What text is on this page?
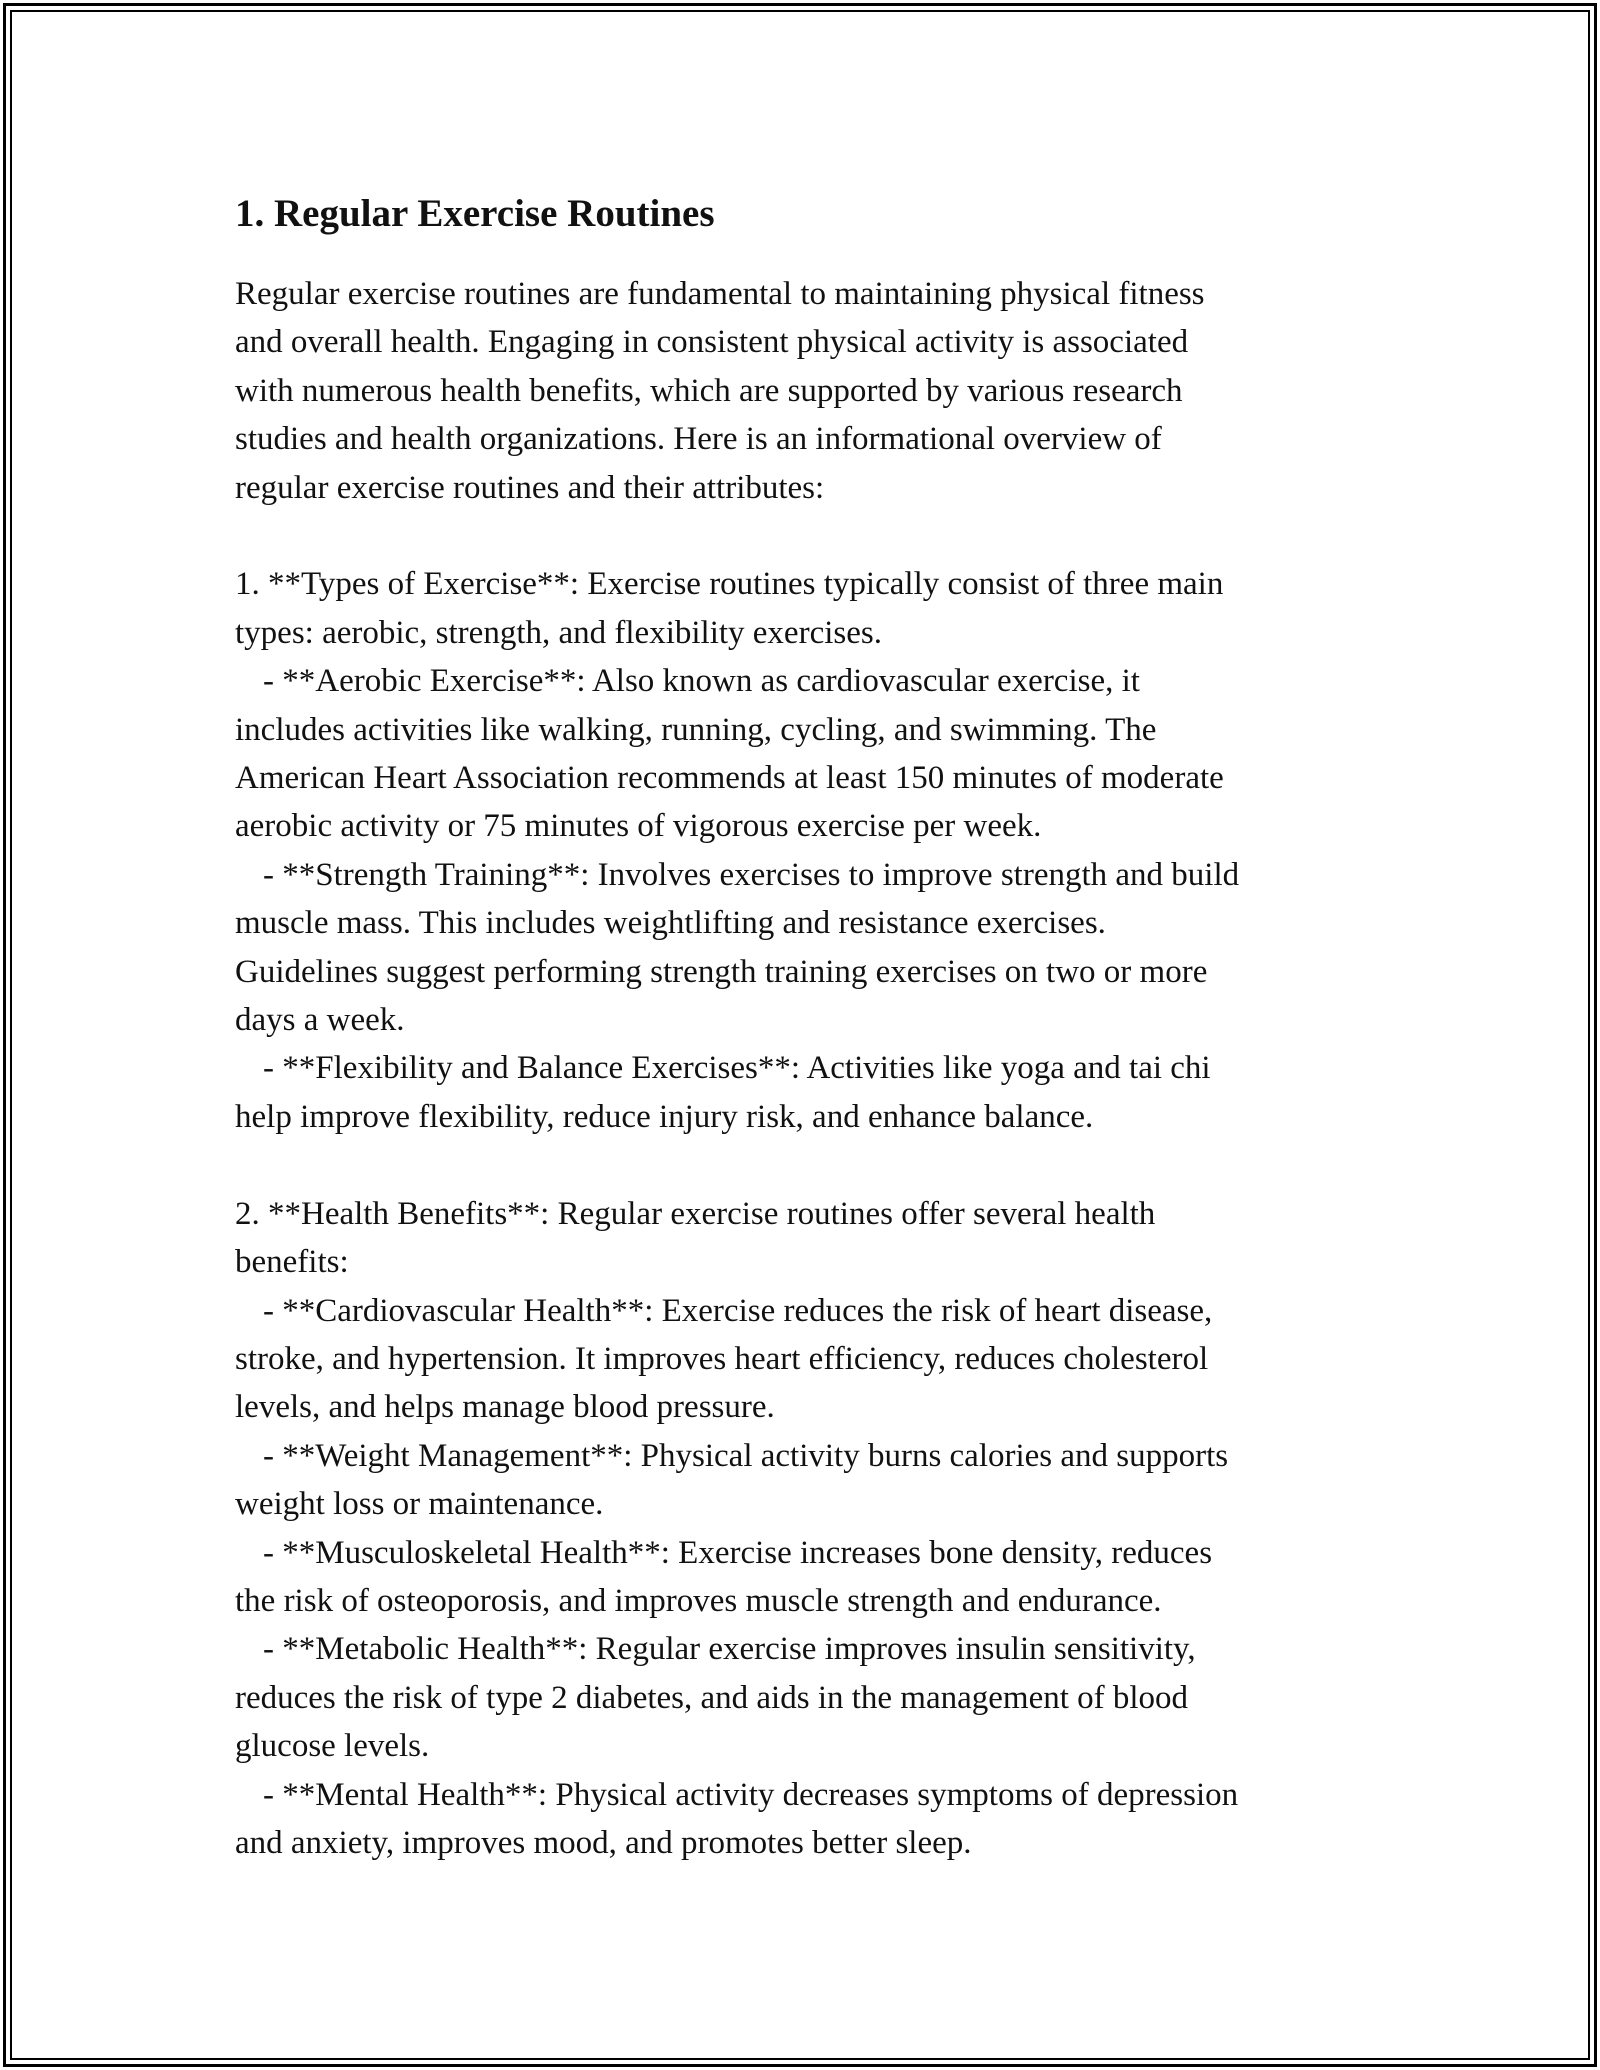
1. Regular Exercise Routines
Regular exercise routines are fundamental to maintaining physical fitness
and overall health. Engaging in consistent physical activity is associated
with numerous health benefits, which are supported by various research
studies and health organizations. Here is an informational overview of
regular exercise routines and their attributes:
1. **Types of Exercise**: Exercise routines typically consist of three main
types: aerobic, strength, and flexibility exercises.
- **Aerobic Exercise**: Also known as cardiovascular exercise, it
includes activities like walking, running, cycling, and swimming. The
American Heart Association recommends at least 150 minutes of moderate
aerobic activity or 75 minutes of vigorous exercise per week.
- **Strength Training**: Involves exercises to improve strength and build
muscle mass. This includes weightlifting and resistance exercises.
Guidelines suggest performing strength training exercises on two or more
days a week.
- **Flexibility and Balance Exercises**: Activities like yoga and tai chi
help improve flexibility, reduce injury risk, and enhance balance.
2. **Health Benefits**: Regular exercise routines offer several health
benefits:
- **Cardiovascular Health**: Exercise reduces the risk of heart disease,
stroke, and hypertension. It improves heart efficiency, reduces cholesterol
levels, and helps manage blood pressure.
- **Weight Management**: Physical activity burns calories and supports
weight loss or maintenance.
- **Musculoskeletal Health**: Exercise increases bone density, reduces
the risk of osteoporosis, and improves muscle strength and endurance.
- **Metabolic Health**: Regular exercise improves insulin sensitivity,
reduces the risk of type 2 diabetes, and aids in the management of blood
glucose levels.
- **Mental Health**: Physical activity decreases symptoms of depression
and anxiety, improves mood, and promotes better sleep.
